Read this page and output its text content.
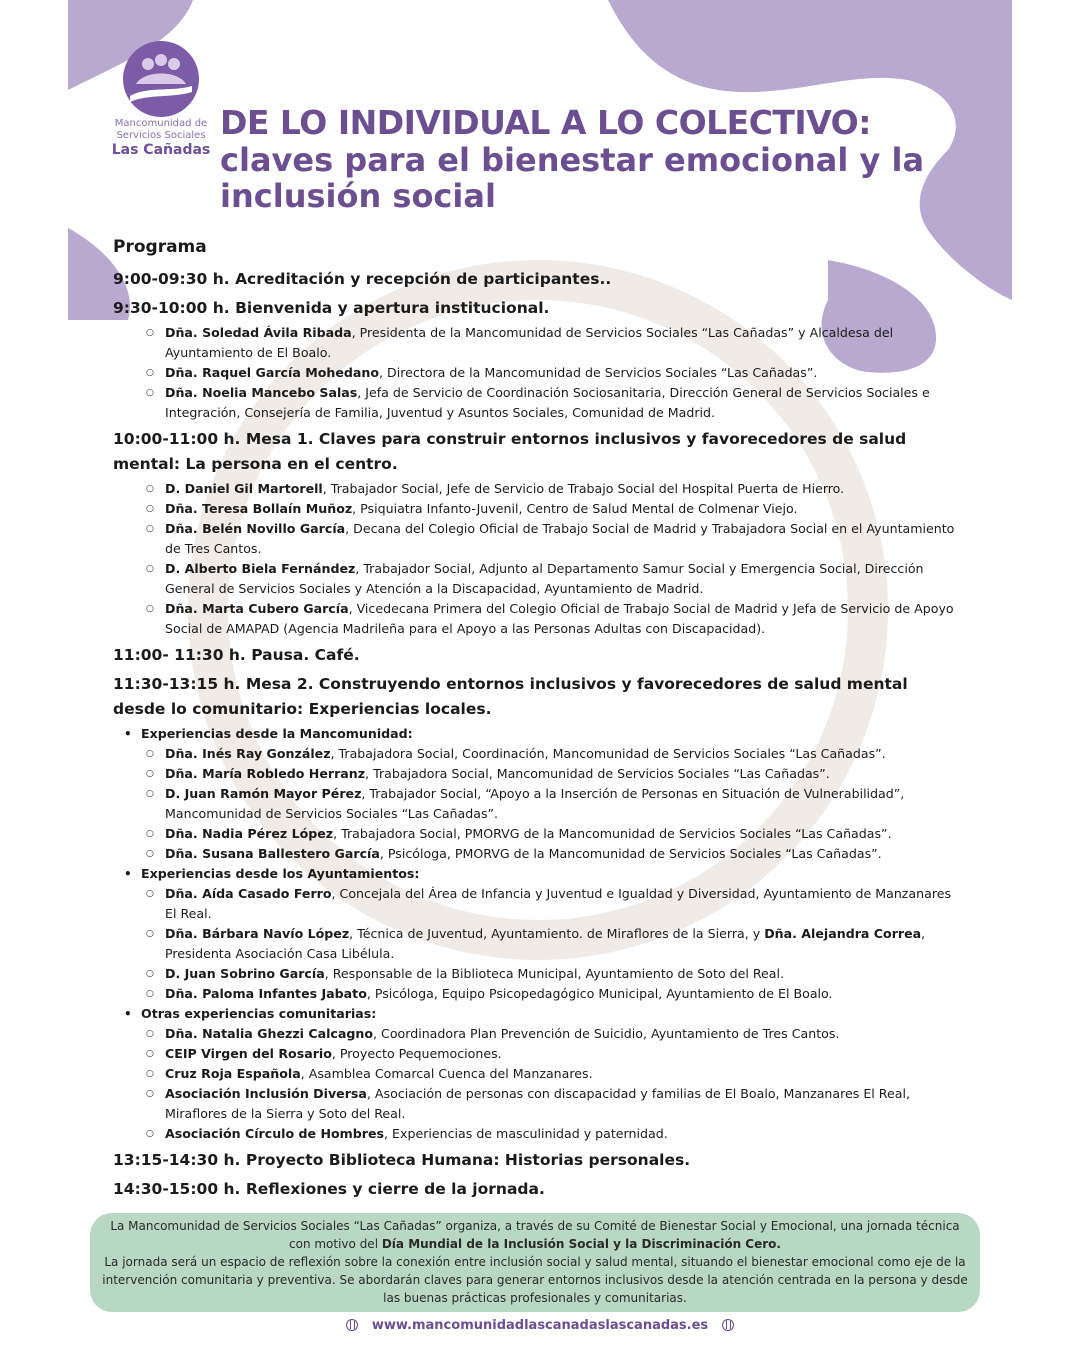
Mancomunidad de
Servicios Sociales
Las Cañadas
DE LO INDIVIDUAL A LO COLECTIVO:
claves para el bienestar emocional y la
inclusión social
Programa
9:00-09:30 h. Acreditación y recepción de participantes..
9:30-10:00 h. Bienvenida y apertura institucional.
○ Dña. Soledad Ávila Ribada, Presidenta de la Mancomunidad de Servicios Sociales “Las Cañadas” y Alcaldesa del Ayuntamiento de El Boalo.
○ Dña. Raquel García Mohedano, Directora de la Mancomunidad de Servicios Sociales “Las Cañadas”.
○ Dña. Noelia Mancebo Salas, Jefa de Servicio de Coordinación Sociosanitaria, Dirección General de Servicios Sociales e Integración, Consejería de Familia, Juventud y Asuntos Sociales, Comunidad de Madrid.
10:00-11:00 h. Mesa 1. Claves para construir entornos inclusivos y favorecedores de salud mental: La persona en el centro.
○ D. Daniel Gil Martorell, Trabajador Social, Jefe de Servicio de Trabajo Social del Hospital Puerta de Hierro.
○ Dña. Teresa Bollaín Muñoz, Psiquiatra Infanto-Juvenil, Centro de Salud Mental de Colmenar Viejo.
○ Dña. Belén Novillo García, Decana del Colegio Oficial de Trabajo Social de Madrid y Trabajadora Social en el Ayuntamiento de Tres Cantos.
○ D. Alberto Biela Fernández, Trabajador Social, Adjunto al Departamento Samur Social y Emergencia Social, Dirección General de Servicios Sociales y Atención a la Discapacidad, Ayuntamiento de Madrid.
○ Dña. Marta Cubero García, Vicedecana Primera del Colegio Oficial de Trabajo Social de Madrid y Jefa de Servicio de Apoyo Social de AMAPAD (Agencia Madrileña para el Apoyo a las Personas Adultas con Discapacidad).
11:00- 11:30 h. Pausa. Café.
11:30-13:15 h. Mesa 2. Construyendo entornos inclusivos y favorecedores de salud mental desde lo comunitario: Experiencias locales.
• Experiencias desde la Mancomunidad:
○ Dña. Inés Ray González, Trabajadora Social, Coordinación, Mancomunidad de Servicios Sociales “Las Cañadas”.
○ Dña. María Robledo Herranz, Trabajadora Social, Mancomunidad de Servicios Sociales “Las Cañadas”.
○ D. Juan Ramón Mayor Pérez, Trabajador Social, “Apoyo a la Inserción de Personas en Situación de Vulnerabilidad”, Mancomunidad de Servicios Sociales “Las Cañadas”.
○ Dña. Nadia Pérez López, Trabajadora Social, PMORVG de la Mancomunidad de Servicios Sociales “Las Cañadas”.
○ Dña. Susana Ballestero García, Psicóloga, PMORVG de la Mancomunidad de Servicios Sociales “Las Cañadas”.
• Experiencias desde los Ayuntamientos:
○ Dña. Aída Casado Ferro, Concejala del Área de Infancia y Juventud e Igualdad y Diversidad, Ayuntamiento de Manzanares El Real.
○ Dña. Bárbara Navío López, Técnica de Juventud, Ayuntamiento. de Miraflores de la Sierra, y Dña. Alejandra Correa, Presidenta Asociación Casa Libélula.
○ D. Juan Sobrino García, Responsable de la Biblioteca Municipal, Ayuntamiento de Soto del Real.
○ Dña. Paloma Infantes Jabato, Psicóloga, Equipo Psicopedagógico Municipal, Ayuntamiento de El Boalo.
• Otras experiencias comunitarias:
○ Dña. Natalia Ghezzi Calcagno, Coordinadora Plan Prevención de Suicidio, Ayuntamiento de Tres Cantos.
○ CEIP Virgen del Rosario, Proyecto Pequemociones.
○ Cruz Roja Española, Asamblea Comarcal Cuenca del Manzanares.
○ Asociación Inclusión Diversa, Asociación de personas con discapacidad y familias de El Boalo, Manzanares El Real, Miraflores de la Sierra y Soto del Real.
○ Asociación Círculo de Hombres, Experiencias de masculinidad y paternidad.
13:15-14:30 h. Proyecto Biblioteca Humana: Historias personales.
14:30-15:00 h. Reflexiones y cierre de la jornada.
La Mancomunidad de Servicios Sociales “Las Cañadas” organiza, a través de su Comité de Bienestar Social y Emocional, una jornada técnica con motivo del Día Mundial de la Inclusión Social y la Discriminación Cero.
La jornada será un espacio de reflexión sobre la conexión entre inclusión social y salud mental, situando el bienestar emocional como eje de la intervención comunitaria y preventiva. Se abordarán claves para generar entornos inclusivos desde la atención centrada en la persona y desde las buenas prácticas profesionales y comunitarias.
www.mancomunidadlascanadaslascanadas.es
